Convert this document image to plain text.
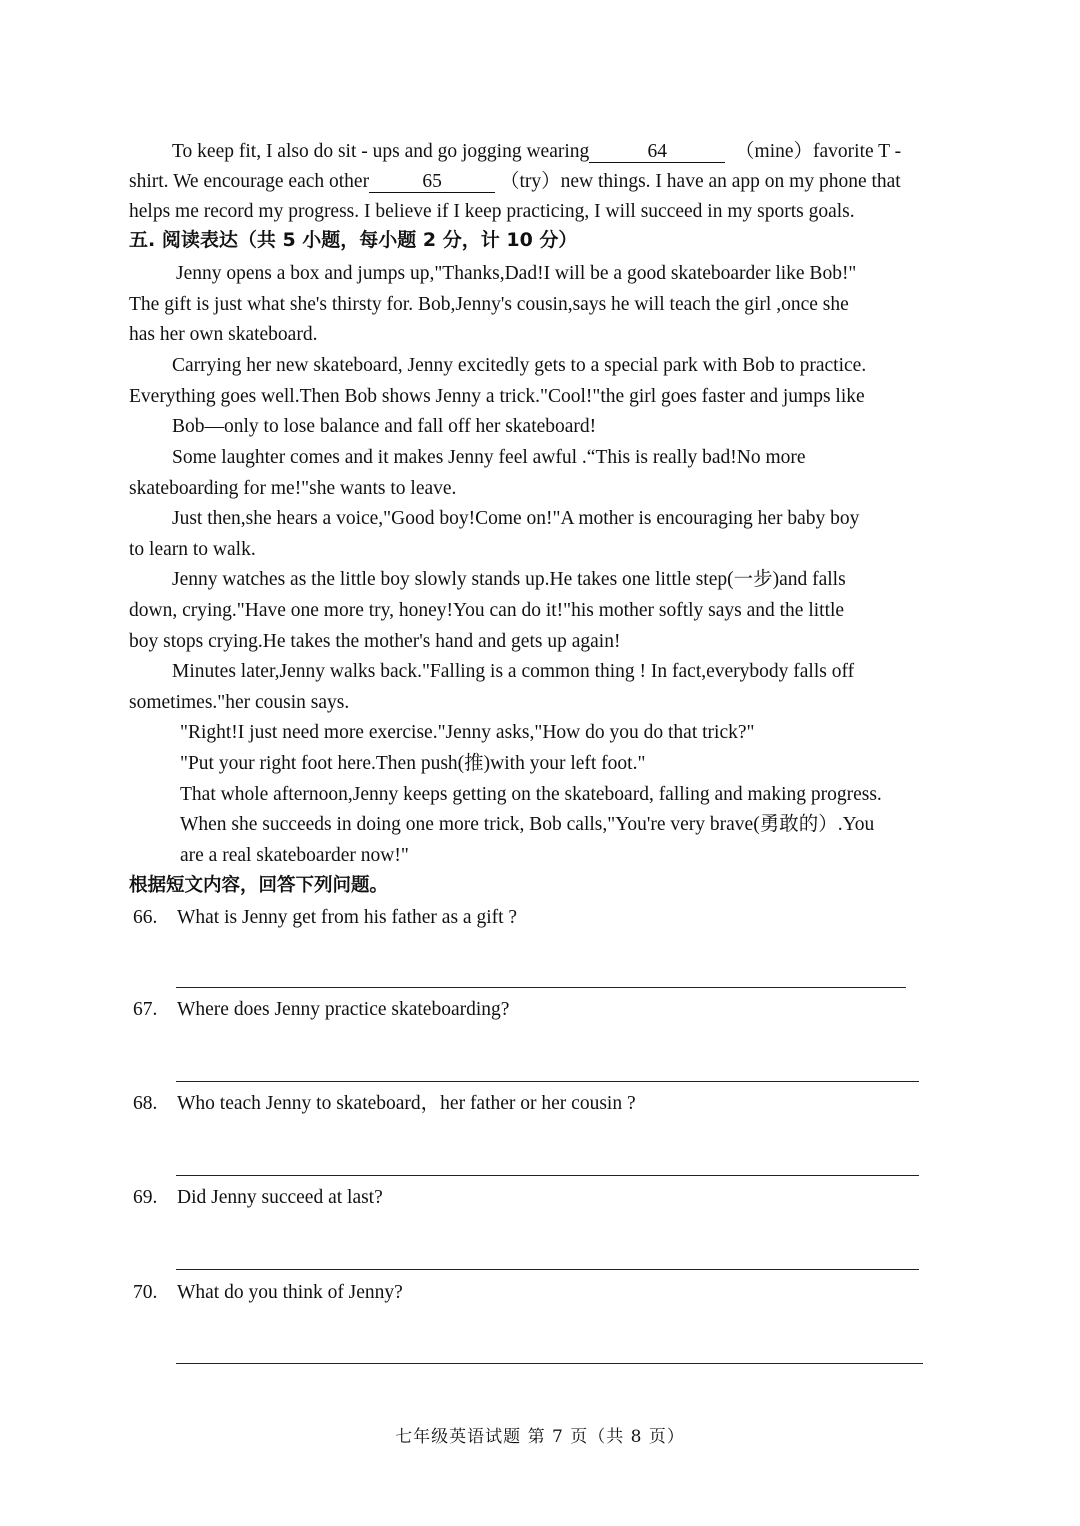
To keep fit, I also do sit - ups and go jogging wearing	64	（mine）favorite T -
shirt. We encourage each other	65	（try）new things. I have an app on my phone that
helps me record my progress. I believe if I keep practicing, I will succeed in my sports goals.
五. 阅读表达（共 5 小题，每小题 2 分，计 10 分）
Jenny opens a box and jumps up,"Thanks,Dad!I will be a good skateboarder like Bob!"
The gift is just what she's thirsty for. Bob,Jenny's cousin,says he will teach the girl ,once she
has her own skateboard.
Carrying her new skateboard, Jenny excitedly gets to a special park with Bob to practice.
Everything goes well.Then Bob shows Jenny a trick."Cool!"the girl goes faster and jumps like
Bob—only to lose balance and fall off her skateboard!
Some laughter comes and it makes Jenny feel awful .“This is really bad!No more
skateboarding for me!"she wants to leave.
Just then,she hears a voice,"Good boy!Come on!"A mother is encouraging her baby boy
to learn to walk.
Jenny watches as the little boy slowly stands up.He takes one little step(一步)and falls
down, crying."Have one more try, honey!You can do it!"his mother softly says and the little
boy stops crying.He takes the mother's hand and gets up again!
Minutes later,Jenny walks back."Falling is a common thing ! In fact,everybody falls off
sometimes."her cousin says.
"Right!I just need more exercise."Jenny asks,"How do you do that trick?"
"Put your right foot here.Then push(推)with your left foot."
That whole afternoon,Jenny keeps getting on the skateboard, falling and making progress.
When she succeeds in doing one more trick, Bob calls,"You're very brave(勇敢的）.You
are a real skateboarder now!"
根据短文内容，回答下列问题。
66. What is Jenny get from his father as a gift ?
67. Where does Jenny practice skateboarding?
68. Who teach Jenny to skateboard，her father or her cousin ?
69. Did Jenny succeed at last?
70. What do you think of Jenny?
七年级英语试题 第 7 页（共 8 页）
